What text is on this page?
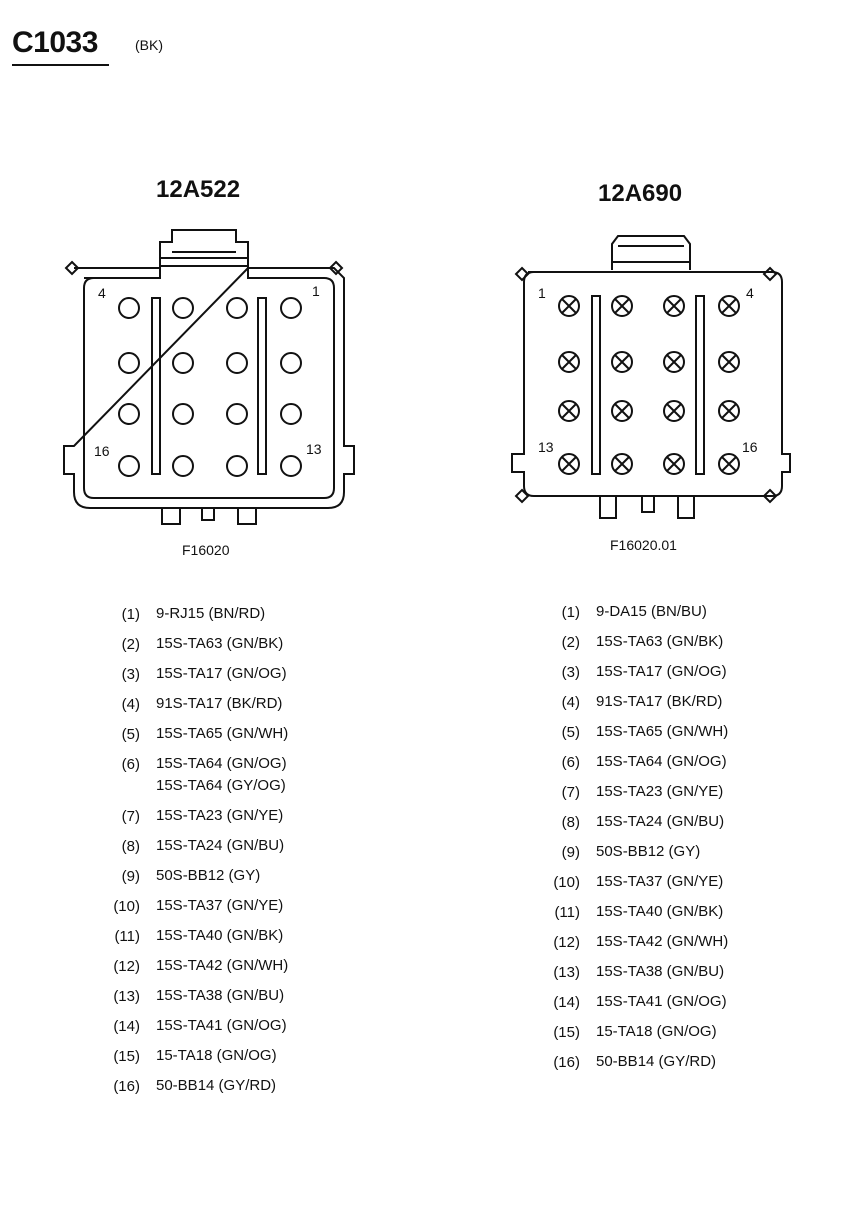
C1033	(BK)
12A522
4	1
16	13
F16020
12A690
1	4
13	16
F16020.01
(1) 9-RJ15 (BN/RD)
(2) 15S-TA63 (GN/BK)
(3) 15S-TA17 (GN/OG)
(4) 91S-TA17 (BK/RD)
(5) 15S-TA65 (GN/WH)
(6) 15S-TA64 (GN/OG)
15S-TA64 (GY/OG)
(7) 15S-TA23 (GN/YE)
(8) 15S-TA24 (GN/BU)
(9) 50S-BB12 (GY)
(10) 15S-TA37 (GN/YE)
(11) 15S-TA40 (GN/BK)
(12) 15S-TA42 (GN/WH)
(13) 15S-TA38 (GN/BU)
(14) 15S-TA41 (GN/OG)
(15) 15-TA18 (GN/OG)
(16) 50-BB14 (GY/RD)
(1) 9-DA15 (BN/BU)
(2) 15S-TA63 (GN/BK)
(3) 15S-TA17 (GN/OG)
(4) 91S-TA17 (BK/RD)
(5) 15S-TA65 (GN/WH)
(6) 15S-TA64 (GN/OG)
(7) 15S-TA23 (GN/YE)
(8) 15S-TA24 (GN/BU)
(9) 50S-BB12 (GY)
(10) 15S-TA37 (GN/YE)
(11) 15S-TA40 (GN/BK)
(12) 15S-TA42 (GN/WH)
(13) 15S-TA38 (GN/BU)
(14) 15S-TA41 (GN/OG)
(15) 15-TA18 (GN/OG)
(16) 50-BB14 (GY/RD)
